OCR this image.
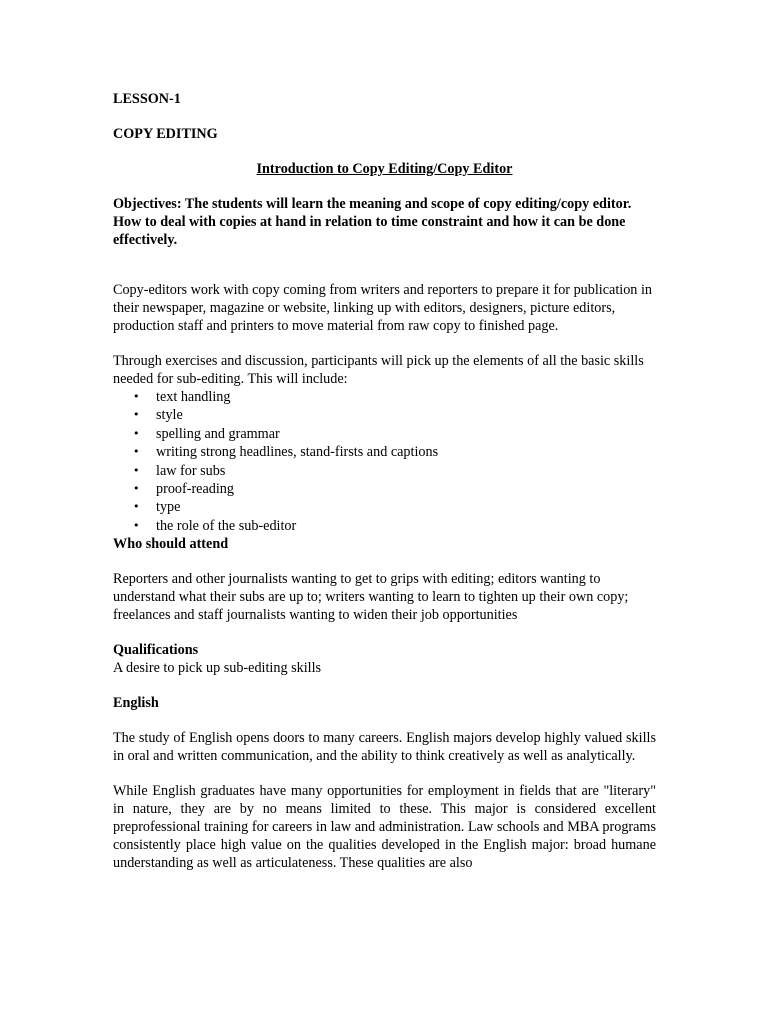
LESSON-1

COPY EDITING

Introduction to Copy Editing/Copy Editor

Objectives: The students will learn the meaning and scope of copy editing/copy editor. How to deal with copies at hand in relation to time constraint and how it can be done effectively.

Copy-editors work with copy coming from writers and reporters to prepare it for publication in their newspaper, magazine or website, linking up with editors, designers, picture editors, production staff and printers to move material from raw copy to finished page.

Through exercises and discussion, participants will pick up the elements of all the basic skills needed for sub-editing. This will include:

• text handling
• style
• spelling and grammar
• writing strong headlines, stand-firsts and captions
• law for subs
• proof-reading
• type
• the role of the sub-editor

Who should attend

Reporters and other journalists wanting to get to grips with editing; editors wanting to understand what their subs are up to; writers wanting to learn to tighten up their own copy; freelances and staff journalists wanting to widen their job opportunities

Qualifications

A desire to pick up sub-editing skills

English

The study of English opens doors to many careers. English majors develop highly valued skills in oral and written communication, and the ability to think creatively as well as analytically.

While English graduates have many opportunities for employment in fields that are "literary" in nature, they are by no means limited to these. This major is considered excellent preprofessional training for careers in law and administration. Law schools and MBA programs consistently place high value on the qualities developed in the English major: broad humane understanding as well as articulateness. These qualities are also
